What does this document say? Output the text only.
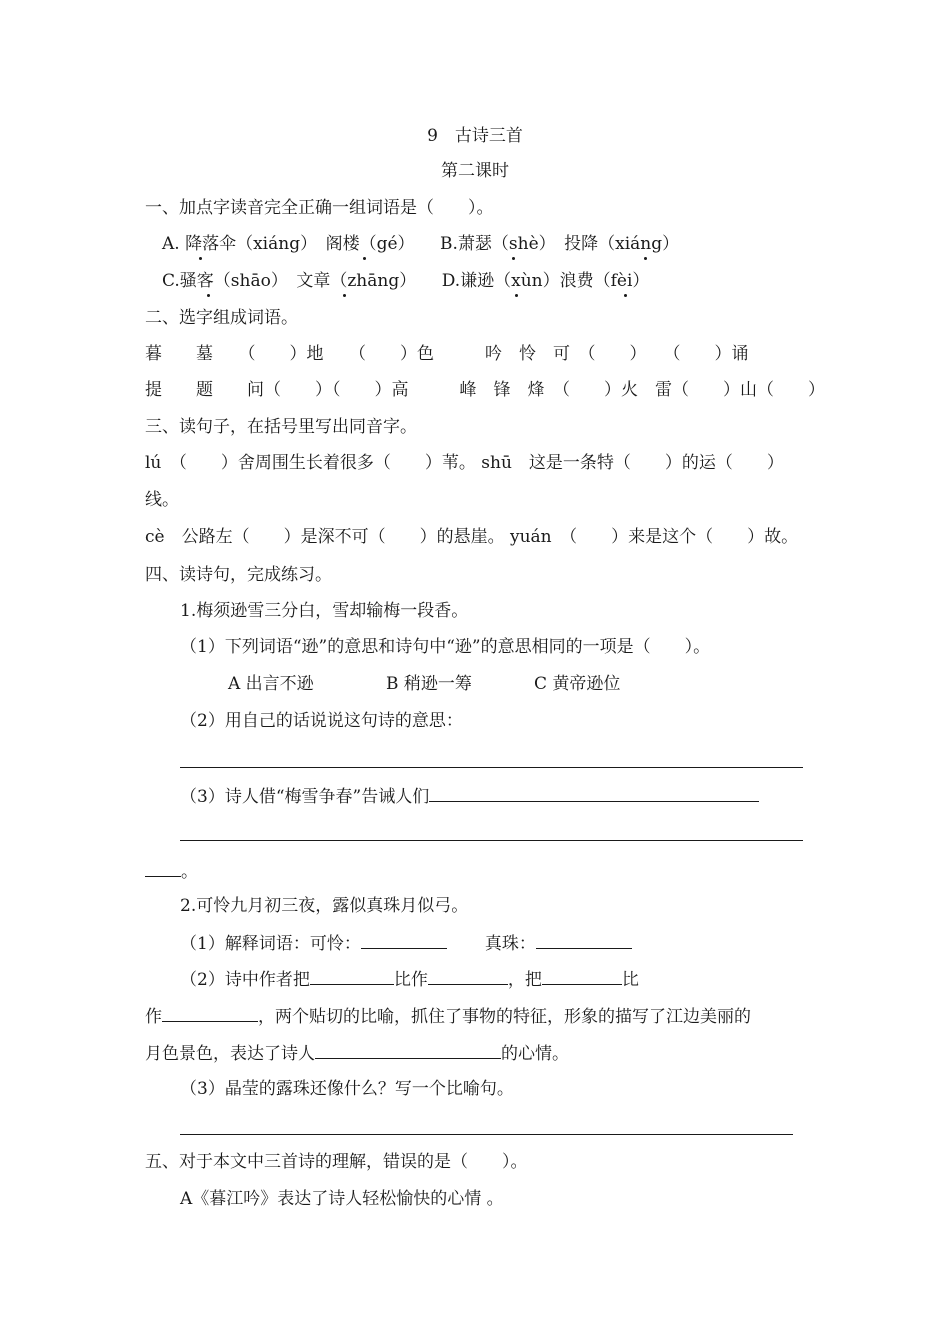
9　古诗三首
第二课时
一、加点字读音完全正确一组词语是（　　）。
A. 降落伞（xiáng）　阁楼（gé）　　B.萧瑟（shè）　投降（xiáng）
C.骚客（shāo）　文章（zhāng）　　D.谦逊（xùn）浪费（fèi）
二、选字组成词语。
暮　　墓　　（　　）地　　（　　）色　　　吟　怜　可　（　　）　　（　　）诵
提　　题　　问（　　）（　　）高　　　峰　锋　烽　（　　）火　雷（　　）山（　　）
三、读句子，在括号里写出同音字。
lú　（　　）舍周围生长着很多（　　）苇。 shū　这是一条特（　　）的运（　　）
线。
cè　公路左（　　）是深不可（　　）的悬崖。 yuán　（　　）来是这个（　　）故。
四、读诗句，完成练习。
1.梅须逊雪三分白，雪却输梅一段香。
（1）下列词语“逊”的意思和诗句中“逊”的意思相同的一项是（　　）。
A 出言不逊	B 稍逊一筹	C 黄帝逊位
（2）用自己的话说说这句诗的意思：
（3）诗人借“梅雪争春”告诫人们
。
2.可怜九月初三夜，露似真珠月似弓。
（1）解释词语：可怜：	真珠：
（2）诗中作者把	比作	，把	比
作	，两个贴切的比喻，抓住了事物的特征，形象的描写了江边美丽的
月色景色，表达了诗人	的心情。
（3）晶莹的露珠还像什么？写一个比喻句。
五、对于本文中三首诗的理解，错误的是（　　）。
A《暮江吟》表达了诗人轻松愉快的心情 。
